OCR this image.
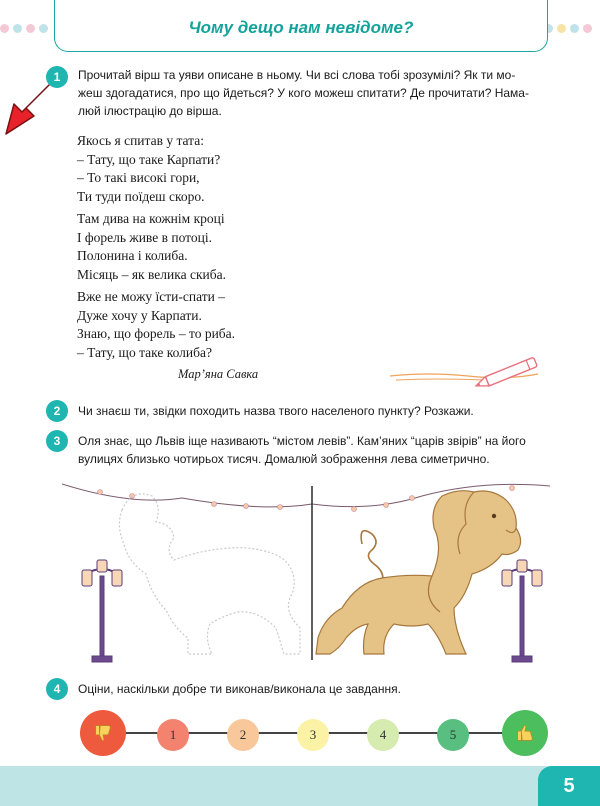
Чому дещо нам невідоме?
1	Прочитай вірш та уяви описане в ньому. Чи всі слова тобі зрозумілі? Як ти мо-
жеш здогадатися, про що йдеться? У кого можеш спитати? Де прочитати? Нама-
люй ілюстрацію до вірша.
Якось я спитав у тата:
– Тату, що таке Карпати?
– То такі високі гори,
Ти туди поїдеш скоро.
Там дива на кожнім кроці
І форель живе в потоці.
Полонина і колиба.
Місяць – як велика скиба.
Вже не можу їсти-спати –
Дуже хочу у Карпати.
Знаю, що форель – то риба.
– Тату, що таке колиба?
Мар’яна Савка
2	Чи знаєш ти, звідки походить назва твого населеного пункту? Розкажи.
3	Оля знає, що Львів іще називають “містом левів”. Кам’яних “царів звірів” на його
вулицях близько чотирьох тисяч. Домалюй зображення лева симетрично.
4	Оціни, наскільки добре ти виконав/виконала це завдання.
1	2	3	4	5
5
